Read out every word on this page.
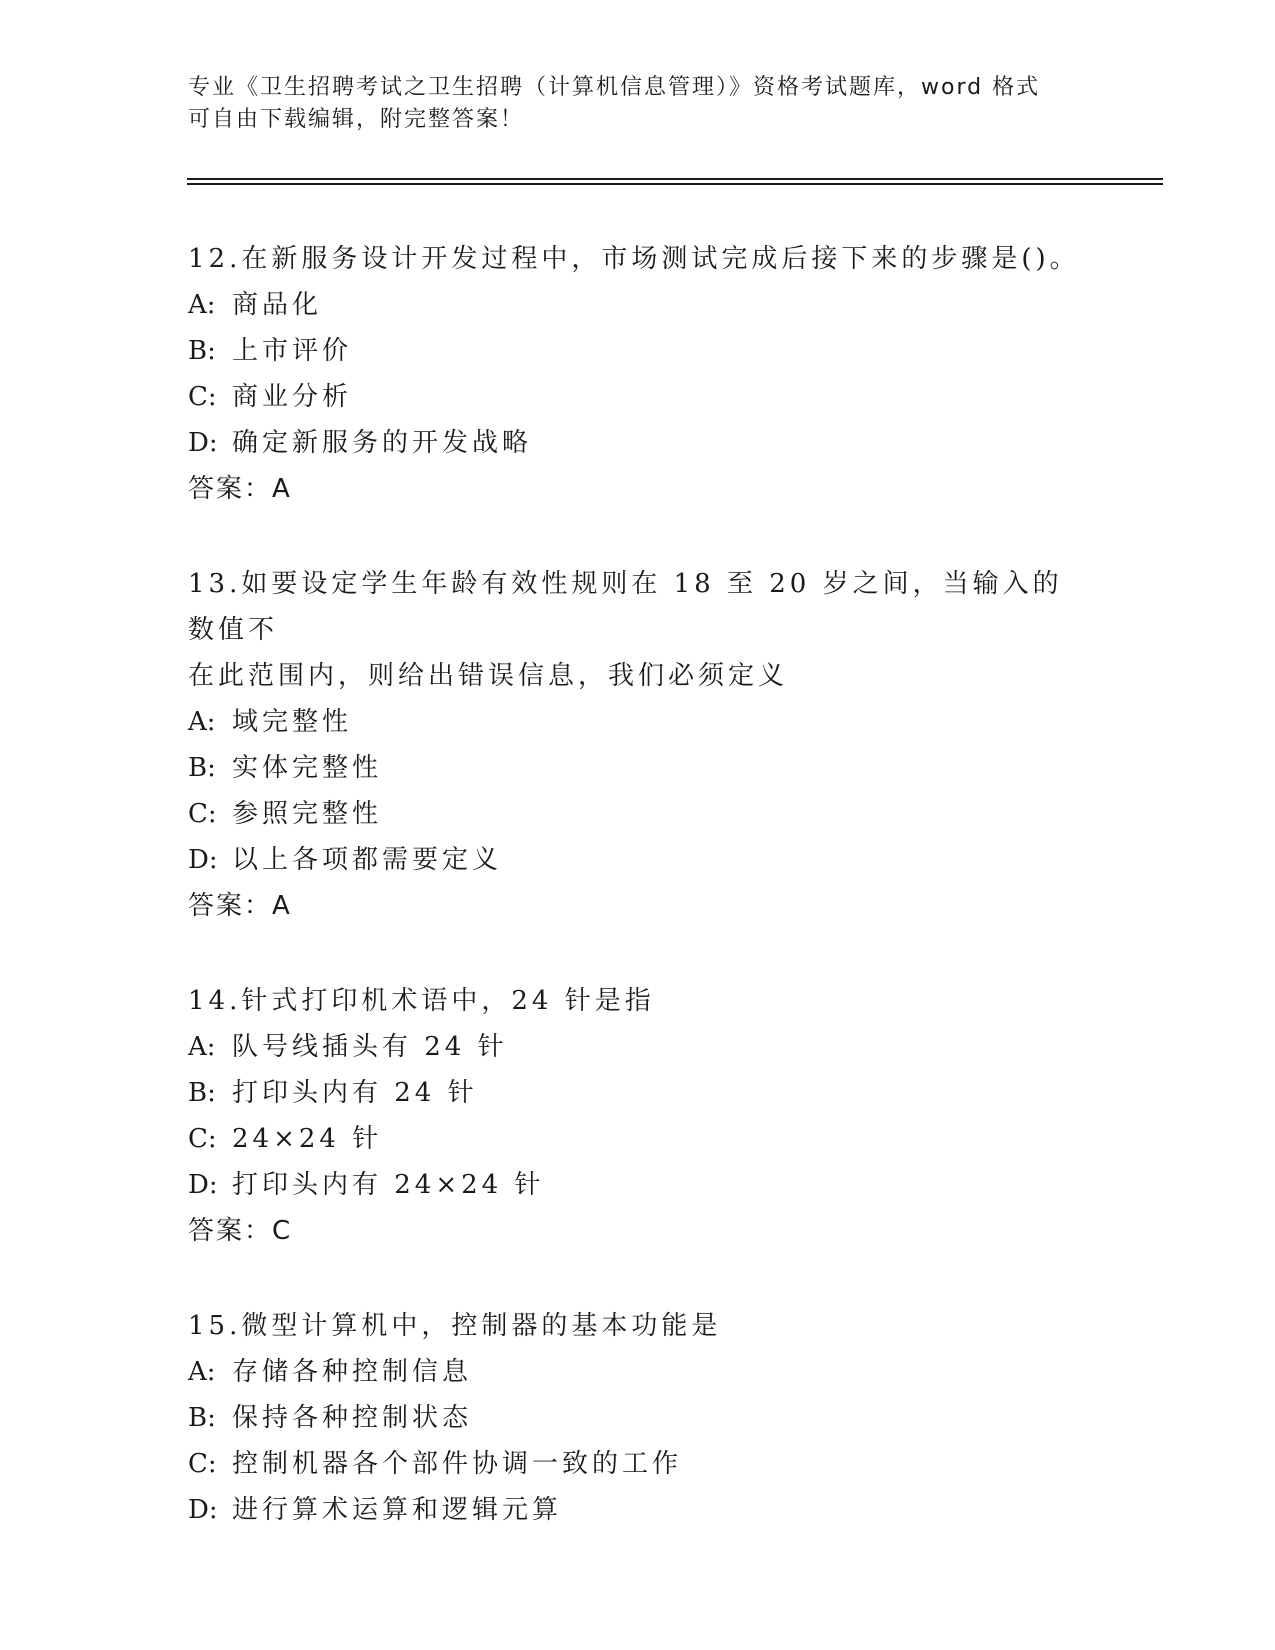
专业《卫生招聘考试之卫生招聘（计算机信息管理）》资格考试题库，word 格式
可自由下载编辑，附完整答案！
12.在新服务设计开发过程中，市场测试完成后接下来的步骤是()。
A: 商品化
B: 上市评价
C: 商业分析
D: 确定新服务的开发战略
答案：A
13.如要设定学生年龄有效性规则在 18 至 20 岁之间，当输入的数值不
在此范围内，则给出错误信息，我们必须定义
A: 域完整性
B: 实体完整性
C: 参照完整性
D: 以上各项都需要定义
答案：A
14.针式打印机术语中，24 针是指
A: 队号线插头有 24 针
B: 打印头内有 24 针
C: 24×24 针
D: 打印头内有 24×24 针
答案：C
15.微型计算机中，控制器的基本功能是
A: 存储各种控制信息
B: 保持各种控制状态
C: 控制机器各个部件协调一致的工作
D: 进行算术运算和逻辑元算
